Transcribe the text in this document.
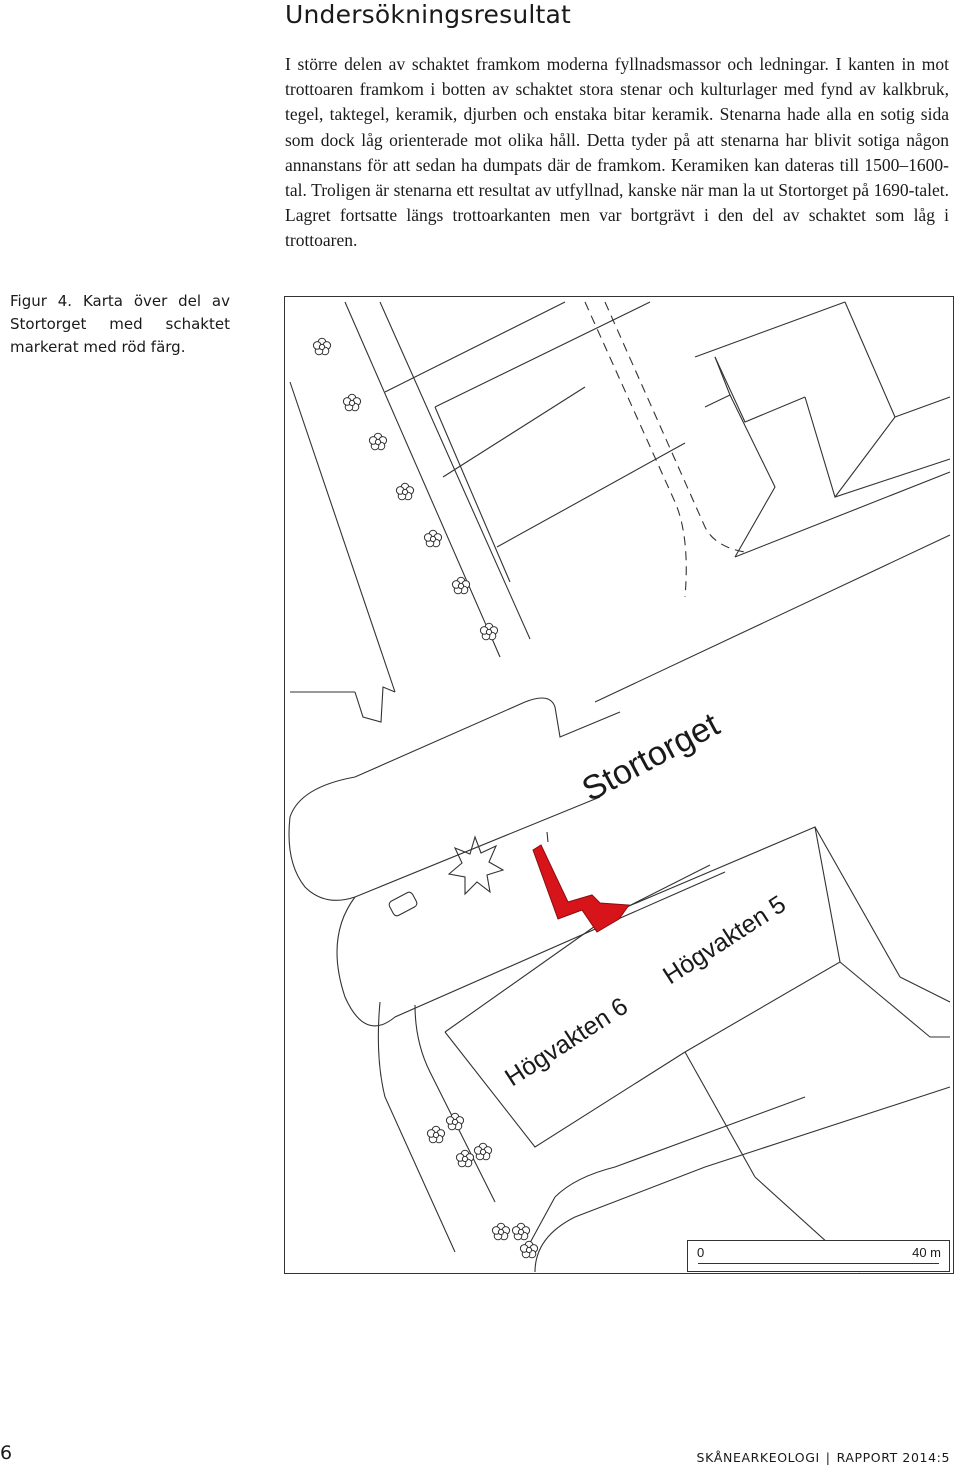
Undersökningsresultat

I större delen av schaktet framkom moderna fyllnadsmassor och ledningar. I kanten in mot trottoaren framkom i botten av schaktet stora stenar och kulturlager med fynd av kalkbruk, tegel, taktegel, keramik, djurben och enstaka bitar keramik. Stenarna hade alla en sotig sida som dock låg orienterade mot olika håll. Detta tyder på att stenarna har blivit sotiga någon annanstans för att sedan ha dumpats där de framkom. Keramiken kan dateras till 1500–1600-tal. Troligen är stenarna ett resultat av utfyllnad, kanske när man la ut Stortorget på 1690-talet. Lagret fortsatte längs trottoarkanten men var bortgrävt i den del av schaktet som låg i trottoaren.

Figur 4. Karta över del av Stortorget med schaktet markerat med röd färg.

Stortorget
Högvakten 5
Högvakten 6
0	40 m
6	SKÅNEARKEOLOGI | RAPPORT 2014:5
